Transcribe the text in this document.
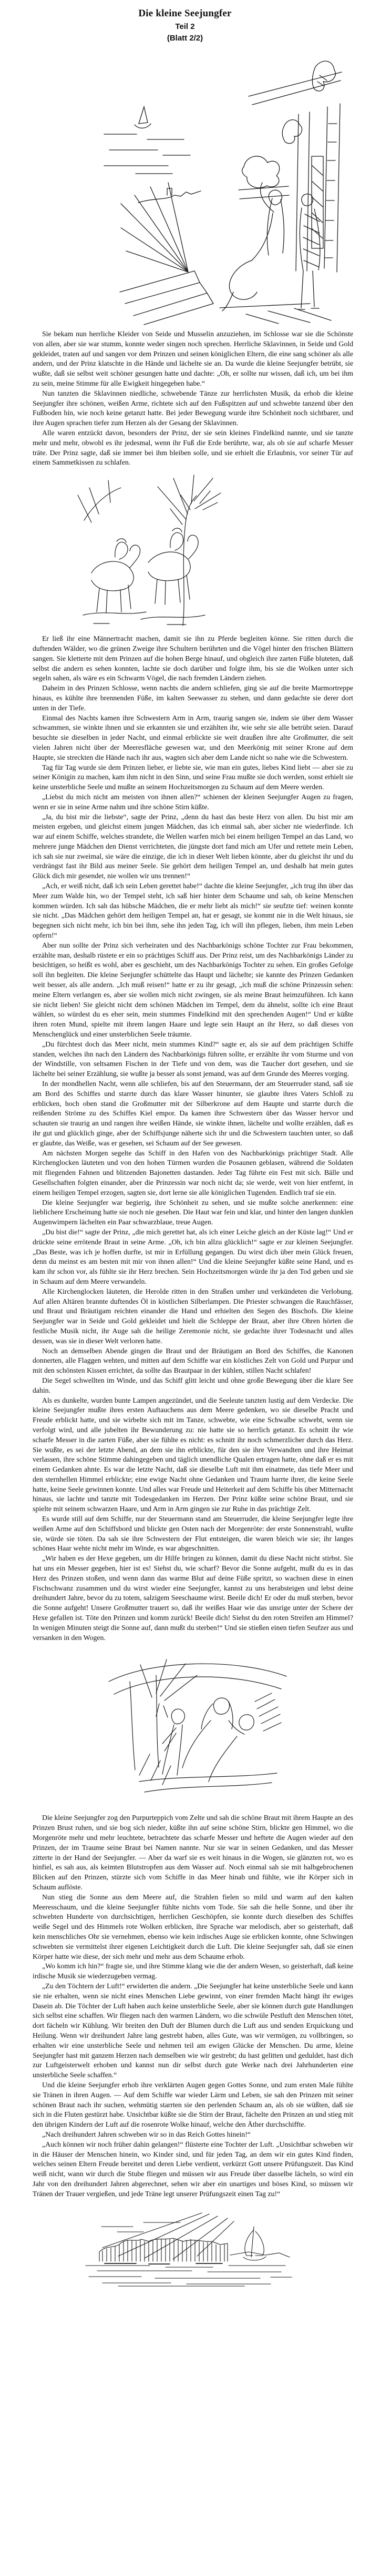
Die kleine Seejungfer
Teil 2
(Blatt 2/2)

Sie bekam nun herrliche Kleider von Seide und Musselin anzuziehen, im Schlosse war sie die Schönste von allen, aber sie war stumm, konnte weder singen noch sprechen. Herrliche Sklavinnen, in Seide und Gold gekleidet, traten auf und sangen vor dem Prinzen und seinen königlichen Eltern, die eine sang schöner als alle andern, und der Prinz klatschte in die Hände und lächelte sie an. Da wurde die kleine Seejungfer betrübt, sie wußte, daß sie selbst weit schöner gesungen hatte und dachte: „Oh, er sollte nur wissen, daß ich, um bei ihm zu sein, meine Stimme für alle Ewigkeit hingegeben habe.“

Nun tanzten die Sklavinnen niedliche, schwebende Tänze zur herrlichsten Musik, da erhob die kleine Seejungfer ihre schönen, weißen Arme, richtete sich auf den Fußspitzen auf und schwebte tanzend über den Fußboden hin, wie noch keine getanzt hatte. Bei jeder Bewegung wurde ihre Schönheit noch sichtbarer, und ihre Augen sprachen tiefer zum Herzen als der Gesang der Sklavinnen.

Alle waren entzückt davon, besonders der Prinz, der sie sein kleines Findelkind nannte, und sie tanzte mehr und mehr, obwohl es ihr jedesmal, wenn ihr Fuß die Erde berührte, war, als ob sie auf scharfe Messer träte. Der Prinz sagte, daß sie immer bei ihm bleiben solle, und sie erhielt die Erlaubnis, vor seiner Tür auf einem Sammetkissen zu schlafen.

Er ließ ihr eine Männertracht machen, damit sie ihn zu Pferde begleiten könne. Sie ritten durch die duftenden Wälder, wo die grünen Zweige ihre Schultern berührten und die Vögel hinter den frischen Blättern sangen. Sie kletterte mit dem Prinzen auf die hohen Berge hinauf, und obgleich ihre zarten Füße bluteten, daß selbst die andern es sehen konnten, lachte sie doch darüber und folgte ihm, bis sie die Wolken unter sich segeln sahen, als wäre es ein Schwarm Vögel, die nach fremden Ländern ziehen.

Daheim in des Prinzen Schlosse, wenn nachts die andern schliefen, ging sie auf die breite Marmortreppe hinaus, es kühlte ihre brennenden Füße, im kalten Seewasser zu stehen, und dann gedachte sie derer dort unten in der Tiefe.

Einmal des Nachts kamen ihre Schwestern Arm in Arm, traurig sangen sie, indem sie über dem Wasser schwammen, sie winkte ihnen und sie erkannten sie und erzählten ihr, wie sehr sie alle betrübt seien. Darauf besuchte sie dieselben in jeder Nacht, und einmal erblickte sie weit draußen ihre alte Großmutter, die seit vielen Jahren nicht über der Meeresfläche gewesen war, und den Meerkönig mit seiner Krone auf dem Haupte, sie streckten die Hände nach ihr aus, wagten sich aber dem Lande nicht so nahe wie die Schwestern.

Tag für Tag wurde sie dem Prinzen lieber, er liebte sie, wie man ein gutes, liebes Kind liebt — aber sie zu seiner Königin zu machen, kam ihm nicht in den Sinn, und seine Frau mußte sie doch werden, sonst erhielt sie keine unsterbliche Seele und mußte an seinem Hochzeitsmorgen zu Schaum auf dem Meere werden.

„Liebst du mich nicht am meisten von ihnen allen?“ schienen der kleinen Seejungfer Augen zu fragen, wenn er sie in seine Arme nahm und ihre schöne Stirn küßte.

„Ja, du bist mir die liebste“, sagte der Prinz, „denn du hast das beste Herz von allen. Du bist mir am meisten ergeben, und gleichst einem jungen Mädchen, das ich einmal sah, aber sicher nie wiederfinde. Ich war auf einem Schiffe, welches strandete, die Wellen warfen mich bei einem heiligen Tempel an das Land, wo mehrere junge Mädchen den Dienst verrichteten, die jüngste dort fand mich am Ufer und rettete mein Leben, ich sah sie nur zweimal, sie wäre die einzige, die ich in dieser Welt lieben könnte, aber du gleichst ihr und du verdrängst fast ihr Bild aus meiner Seele. Sie gehört dem heiligen Tempel an, und deshalb hat mein gutes Glück dich mir gesendet, nie wollen wir uns trennen!“

„Ach, er weiß nicht, daß ich sein Leben gerettet habe!“ dachte die kleine Seejungfer, „ich trug ihn über das Meer zum Walde hin, wo der Tempel steht, ich saß hier hinter dem Schaume und sah, ob keine Menschen kommen würden. Ich sah das hübsche Mädchen, die er mehr liebt als mich!“ sie seufzte tief: weinen konnte sie nicht. „Das Mädchen gehört dem heiligen Tempel an, hat er gesagt, sie kommt nie in die Welt hinaus, sie begegnen sich nicht mehr, ich bin bei ihm, sehe ihn jeden Tag, ich will ihn pflegen, lieben, ihm mein Leben opfern!“

Aber nun sollte der Prinz sich verheiraten und des Nachbarkönigs schöne Tochter zur Frau bekommen, erzählte man, deshalb rüstete er ein so prächtiges Schiff aus. Der Prinz reist, um des Nachbarkönigs Länder zu besichtigen, so heißt es wohl, aber es geschieht, um des Nachbarkönigs Tochter zu sehen. Ein großes Gefolge soll ihn begleiten. Die kleine Seejungfer schüttelte das Haupt und lächelte; sie kannte des Prinzen Gedanken weit besser, als alle andern. „Ich muß reisen!“ hatte er zu ihr gesagt, „ich muß die schöne Prinzessin sehen: meine Eltern verlangen es, aber sie wollen mich nicht zwingen, sie als meine Braut heimzuführen. Ich kann sie nicht lieben! Sie gleicht nicht dem schönen Mädchen im Tempel, dem du ähnelst, sollte ich eine Braut wählen, so würdest du es eher sein, mein stummes Findelkind mit den sprechenden Augen!“ Und er küßte ihren roten Mund, spielte mit ihrem langen Haare und legte sein Haupt an ihr Herz, so daß dieses von Menschenglück und einer unsterblichen Seele träumte.

„Du fürchtest doch das Meer nicht, mein stummes Kind?“ sagte er, als sie auf dem prächtigen Schiffe standen, welches ihn nach den Ländern des Nachbarkönigs führen sollte, er erzählte ihr vom Sturme und von der Windstille, von seltsamen Fischen in der Tiefe und von dem, was die Taucher dort gesehen, und sie lächelte bei seiner Erzählung, sie wußte ja besser als sonst jemand, was auf dem Grunde des Meeres vorging.

In der mondhellen Nacht, wenn alle schliefen, bis auf den Steuermann, der am Steuerruder stand, saß sie am Bord des Schiffes und starrte durch das klare Wasser hinunter, sie glaubte ihres Vaters Schloß zu erblicken, hoch oben stand die Großmutter mit der Silberkrone auf dem Haupte und starrte durch die reißenden Ströme zu des Schiffes Kiel empor. Da kamen ihre Schwestern über das Wasser hervor und schauten sie traurig an und rangen ihre weißen Hände, sie winkte ihnen, lächelte und wollte erzählen, daß es ihr gut und glücklich ginge, aber der Schiffsjunge näherte sich ihr und die Schwestern tauchten unter, so daß er glaubte, das Weiße, was er gesehen, sei Schaum auf der See gewesen.

Am nächsten Morgen segelte das Schiff in den Hafen von des Nachbarkönigs prächtiger Stadt. Alle Kirchenglocken läuteten und von den hohen Türmen wurden die Posaunen geblasen, während die Soldaten mit fliegenden Fahnen und blitzenden Bajonetten dastanden. Jeder Tag führte ein Fest mit sich. Bälle und Gesellschaften folgten einander, aber die Prinzessin war noch nicht da; sie werde, weit von hier entfernt, in einem heiligen Tempel erzogen, sagten sie, dort lerne sie alle königlichen Tugenden. Endlich traf sie ein.

Die kleine Seejungfer war begierig, ihre Schönheit zu sehen, und sie mußte solche anerkennen: eine lieblichere Erscheinung hatte sie noch nie gesehen. Die Haut war fein und klar, und hinter den langen dunklen Augenwimpern lächelten ein Paar schwarzblaue, treue Augen.

„Du bist die!“ sagte der Prinz, „die mich gerettet hat, als ich einer Leiche gleich an der Küste lag!“ Und er drückte seine errötende Braut in seine Arme. „Oh, ich bin allzu glücklich!“ sagte er zur kleinen Seejungfer. „Das Beste, was ich je hoffen durfte, ist mir in Erfüllung gegangen. Du wirst dich über mein Glück freuen, denn du meinst es am besten mit mir von ihnen allen!“ Und die kleine Seejungfer küßte seine Hand, und es kam ihr schon vor, als fühlte sie ihr Herz brechen. Sein Hochzeitsmorgen würde ihr ja den Tod geben und sie in Schaum auf dem Meere verwandeln.

Alle Kirchenglocken läuteten, die Herolde ritten in den Straßen umher und verkündeten die Verlobung. Auf allen Altären brannte duftendes Öl in köstlichen Silberlampen. Die Priester schwangen die Rauchfässer, und Braut und Bräutigam reichten einander die Hand und erhielten den Segen des Bischofs. Die kleine Seejungfer war in Seide und Gold gekleidet und hielt die Schleppe der Braut, aber ihre Ohren hörten die festliche Musik nicht, ihr Auge sah die heilige Zeremonie nicht, sie gedachte ihrer Todesnacht und alles dessen, was sie in dieser Welt verloren hatte.

Noch an demselben Abende gingen die Braut und der Bräutigam an Bord des Schiffes, die Kanonen donnerten, alle Flaggen wehten, und mitten auf dem Schiffe war ein köstliches Zelt von Gold und Purpur und mit den schönsten Kissen errichtet, da sollte das Brautpaar in der kühlen, stillen Nacht schlafen!

Die Segel schwellten im Winde, und das Schiff glitt leicht und ohne große Bewegung über die klare See dahin.

Als es dunkelte, wurden bunte Lampen angezündet, und die Seeleute tanzten lustig auf dem Verdecke. Die kleine Seejungfer mußte ihres ersten Auftauchens aus dem Meere gedenken, wo sie dieselbe Pracht und Freude erblickt hatte, und sie wirbelte sich mit im Tanze, schwebte, wie eine Schwalbe schwebt, wenn sie verfolgt wird, und alle jubelten ihr Bewunderung zu: nie hatte sie so herrlich getanzt. Es schnitt ihr wie scharfe Messer in die zarten Füße, aber sie fühlte es nicht: es schnitt ihr noch schmerzlicher durch das Herz. Sie wußte, es sei der letzte Abend, an dem sie ihn erblickte, für den sie ihre Verwandten und ihre Heimat verlassen, ihre schöne Stimme dahingegeben und täglich unendliche Qualen ertragen hatte, ohne daß er es mit einem Gedanken ahnte. Es war die letzte Nacht, daß sie dieselbe Luft mit ihm einatmete, das tiefe Meer und den sternhellen Himmel erblickte; eine ewige Nacht ohne Gedanken und Traum harrte ihrer, die keine Seele hatte, keine Seele gewinnen konnte. Und alles war Freude und Heiterkeit auf dem Schiffe bis über Mitternacht hinaus, sie lachte und tanzte mit Todesgedanken im Herzen. Der Prinz küßte seine schöne Braut, und sie spielte mit seinem schwarzen Haare, und Arm in Arm gingen sie zur Ruhe in das prächtige Zelt.

Es wurde still auf dem Schiffe, nur der Steuermann stand am Steuerruder, die kleine Seejungfer legte ihre weißen Arme auf den Schiffsbord und blickte gen Osten nach der Morgenröte: der erste Sonnenstrahl, wußte sie, würde sie töten. Da sah sie ihre Schwestern der Flut entsteigen, die waren bleich wie sie; ihr langes schönes Haar wehte nicht mehr im Winde, es war abgeschnitten.

„Wir haben es der Hexe gegeben, um dir Hilfe bringen zu können, damit du diese Nacht nicht stirbst. Sie hat uns ein Messer gegeben, hier ist es! Siehst du, wie scharf? Bevor die Sonne aufgeht, mußt du es in das Herz des Prinzen stoßen, und wenn dann das warme Blut auf deine Füße spritzt, so wachsen diese in einen Fischschwanz zusammen und du wirst wieder eine Seejungfer, kannst zu uns herabsteigen und lebst deine dreihundert Jahre, bevor du zu totem, salzigem Seeschaume wirst. Beeile dich! Er oder du muß sterben, bevor die Sonne aufgeht! Unsere Großmutter trauert so, daß ihr weißes Haar wie das unsrige unter der Schere der Hexe gefallen ist. Töte den Prinzen und komm zurück! Beeile dich! Siehst du den roten Streifen am Himmel? In wenigen Minuten steigt die Sonne auf, dann mußt du sterben!“ Und sie stießen einen tiefen Seufzer aus und versanken in den Wogen.

Die kleine Seejungfer zog den Purpurteppich vom Zelte und sah die schöne Braut mit ihrem Haupte an des Prinzen Brust ruhen, und sie bog sich nieder, küßte ihn auf seine schöne Stirn, blickte gen Himmel, wo die Morgenröte mehr und mehr leuchtete, betrachtete das scharfe Messer und heftete die Augen wieder auf den Prinzen, der im Traume seine Braut bei Namen nannte. Nur sie war in seinen Gedanken, und das Messer zitterte in der Hand der Seejungfer. — Aber da warf sie es weit hinaus in die Wogen, sie glänzten rot, wo es hinfiel, es sah aus, als keimten Blutstropfen aus dem Wasser auf. Noch einmal sah sie mit halbgebrochenen Blicken auf den Prinzen, stürzte sich vom Schiffe in das Meer hinab und fühlte, wie ihr Körper sich in Schaum auflöste.

Nun stieg die Sonne aus dem Meere auf, die Strahlen fielen so mild und warm auf den kalten Meeresschaum, und die kleine Seejungfer fühlte nichts vom Tode. Sie sah die helle Sonne, und über ihr schwebten Hunderte von durchsichtigen, herrlichen Geschöpfen, sie konnte durch dieselben des Schiffes weiße Segel und des Himmels rote Wolken erblicken, ihre Sprache war melodisch, aber so geisterhaft, daß kein menschliches Ohr sie vernehmen, ebenso wie kein irdisches Auge sie erblicken konnte, ohne Schwingen schwebten sie vermittelst ihrer eigenen Leichtigkeit durch die Luft. Die kleine Seejungfer sah, daß sie einen Körper hatte wie diese, der sich mehr und mehr aus dem Schaume erhob.

„Wo komm ich hin?“ fragte sie, und ihre Stimme klang wie die der andern Wesen, so geisterhaft, daß keine irdische Musik sie wiederzugeben vermag.

„Zu den Töchtern der Luft!“ erwiderten die andern. „Die Seejungfer hat keine unsterbliche Seele und kann sie nie erhalten, wenn sie nicht eines Menschen Liebe gewinnt, von einer fremden Macht hängt ihr ewiges Dasein ab. Die Töchter der Luft haben auch keine unsterbliche Seele, aber sie können durch gute Handlungen sich selbst eine schaffen. Wir fliegen nach den warmen Ländern, wo die schwüle Pestluft den Menschen tötet, dort fächeln wir Kühlung. Wir breiten den Duft der Blumen durch die Luft aus und senden Erquickung und Heilung. Wenn wir dreihundert Jahre lang gestrebt haben, alles Gute, was wir vermögen, zu vollbringen, so erhalten wir eine unsterbliche Seele und nehmen teil am ewigen Glücke der Menschen. Du arme, kleine Seejungfer hast mit ganzem Herzen nach demselben wie wir gestrebt; du hast gelitten und geduldet, hast dich zur Luftgeisterwelt erhoben und kannst nun dir selbst durch gute Werke nach drei Jahrhunderten eine unsterbliche Seele schaffen.“

Und die kleine Seejungfer erhob ihre verklärten Augen gegen Gottes Sonne, und zum ersten Male fühlte sie Tränen in ihren Augen. — Auf dem Schiffe war wieder Lärm und Leben, sie sah den Prinzen mit seiner schönen Braut nach ihr suchen, wehmütig starrten sie den perlenden Schaum an, als ob sie wüßten, daß sie sich in die Fluten gestürzt habe. Unsichtbar küßte sie die Stirn der Braut, fächelte den Prinzen an und stieg mit den übrigen Kindern der Luft auf die rosenrote Wolke hinauf, welche den Äther durchschiffte.

„Nach dreihundert Jahren schweben wir so in das Reich Gottes hinein!“

„Auch können wir noch früher dahin gelangen!“ flüsterte eine Tochter der Luft. „Unsichtbar schweben wir in die Häuser der Menschen hinein, wo Kinder sind, und für jeden Tag, an dem wir ein gutes Kind finden, welches seinen Eltern Freude bereitet und deren Liebe verdient, verkürzt Gott unsere Prüfungszeit. Das Kind weiß nicht, wann wir durch die Stube fliegen und müssen wir aus Freude über dasselbe lächeln, so wird ein Jahr von den dreihundert Jahren abgerechnet, sehen wir aber ein unartiges und böses Kind, so müssen wir Tränen der Trauer vergießen, und jede Träne legt unserer Prüfungszeit einen Tag zu!“
